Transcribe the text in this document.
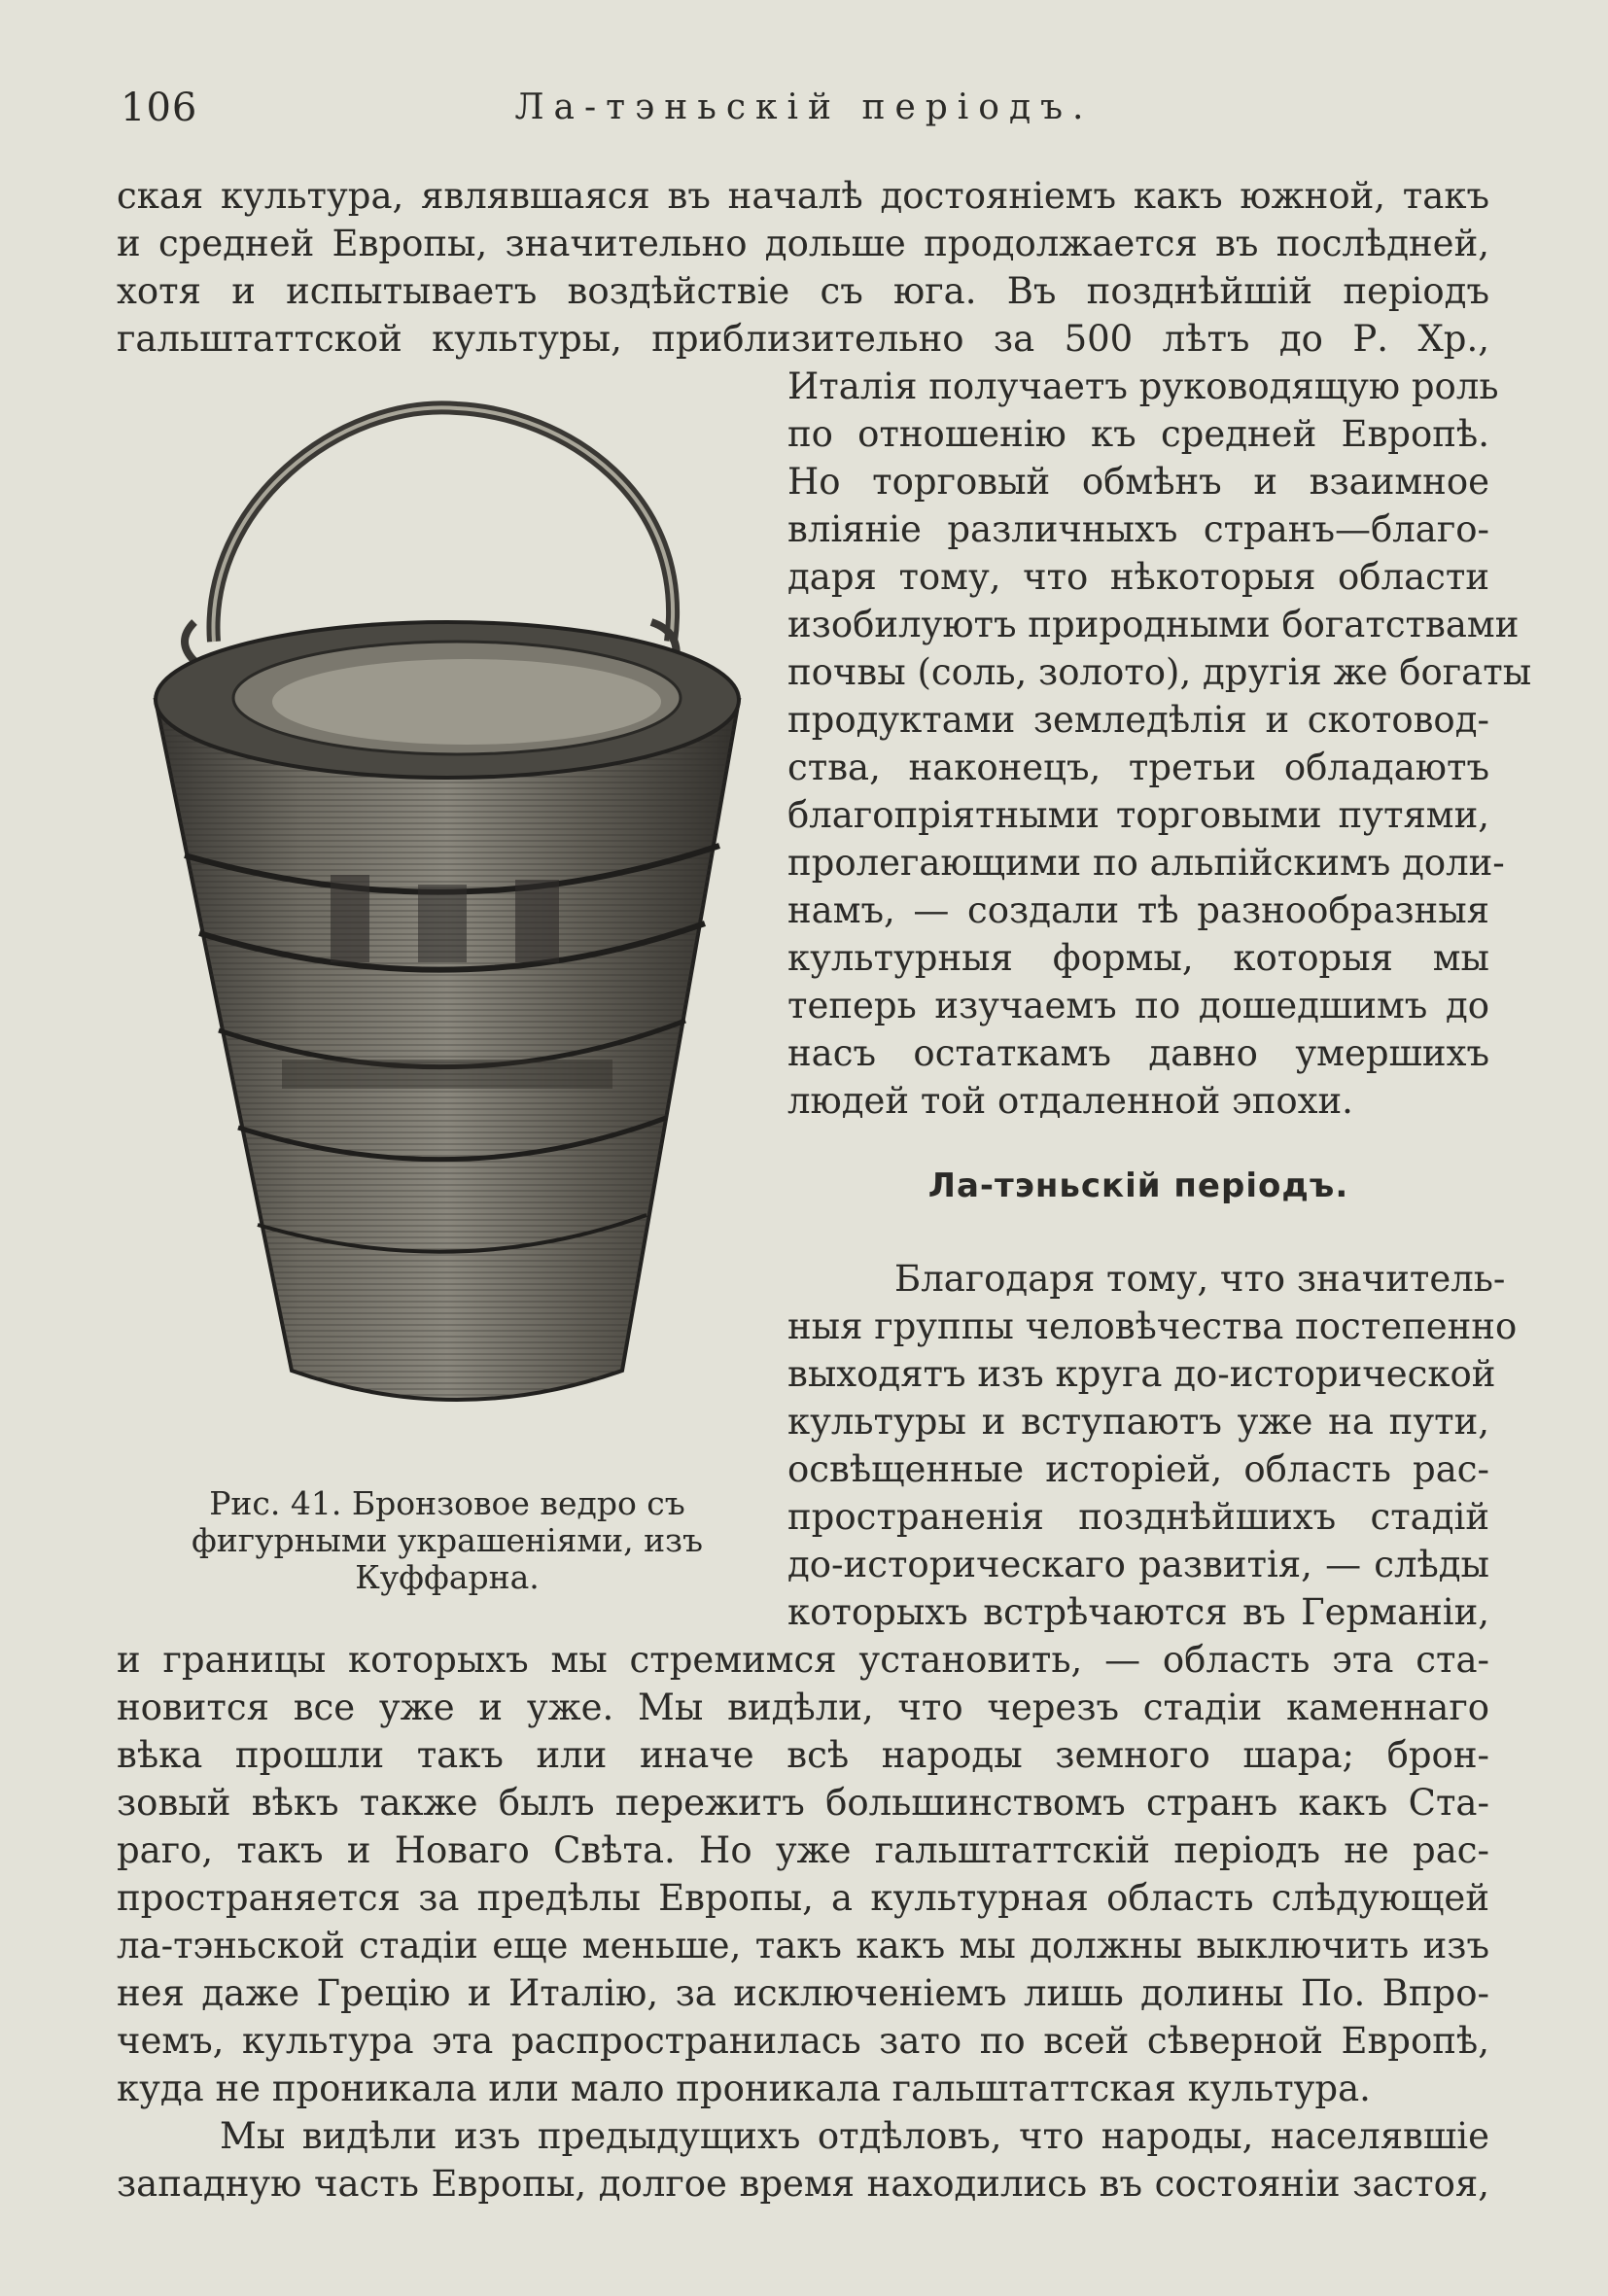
106	Ла-тэньскій періодъ.
ская культура, являвшаяся въ началѣ достояніемъ какъ южной, такъ
и средней Европы, значительно дольше продолжается въ послѣдней,
хотя и испытываетъ воздѣйствіе съ юга. Въ позднѣйшій періодъ
гальштаттской культуры, приблизительно за 500 лѣтъ до Р. Хр.,
Италія получаетъ руководящую роль
по отношенію къ средней Европѣ.
Но торговый обмѣнъ и взаимное
вліяніе различныхъ странъ—благо-
даря тому, что нѣкоторыя области
изобилуютъ природными богатствами
почвы (соль, золото), другія же богаты
продуктами земледѣлія и скотовод-
ства, наконецъ, третьи обладаютъ
благопріятными торговыми путями,
пролегающими по альпійскимъ доли-
намъ, — создали тѣ разнообразныя
культурныя формы, которыя мы
теперь изучаемъ по дошедшимъ до
насъ остаткамъ давно умершихъ
людей той отдаленной эпохи.
Ла-тэньскій періодъ.
Благодаря тому, что значитель-
ныя группы человѣчества постепенно
выходятъ изъ круга до-исторической
культуры и вступаютъ уже на пути,
освѣщенные исторіей, область рас-
пространенія позднѣйшихъ стадій
до-историческаго развитія, — слѣды
которыхъ встрѣчаются въ Германіи,
Рис. 41. Бронзовое ведро съ
фигурными украшеніями, изъ
Куффарна.
и границы которыхъ мы стремимся установить, — область эта ста-
новится все уже и уже. Мы видѣли, что черезъ стадіи каменнаго
вѣка прошли такъ или иначе всѣ народы земного шара; брон-
зовый вѣкъ также былъ пережитъ большинствомъ странъ какъ Ста-
раго, такъ и Новаго Свѣта. Но уже гальштаттскій періодъ не рас-
пространяется за предѣлы Европы, а культурная область слѣдующей
ла-тэньской стадіи еще меньше, такъ какъ мы должны выключить изъ
нея даже Грецію и Италію, за исключеніемъ лишь долины По. Впро-
чемъ, культура эта распространилась зато по всей сѣверной Европѣ,
куда не проникала или мало проникала гальштаттская культура.
Мы видѣли изъ предыдущихъ отдѣловъ, что народы, населявшіе
западную часть Европы, долгое время находились въ состояніи застоя,
